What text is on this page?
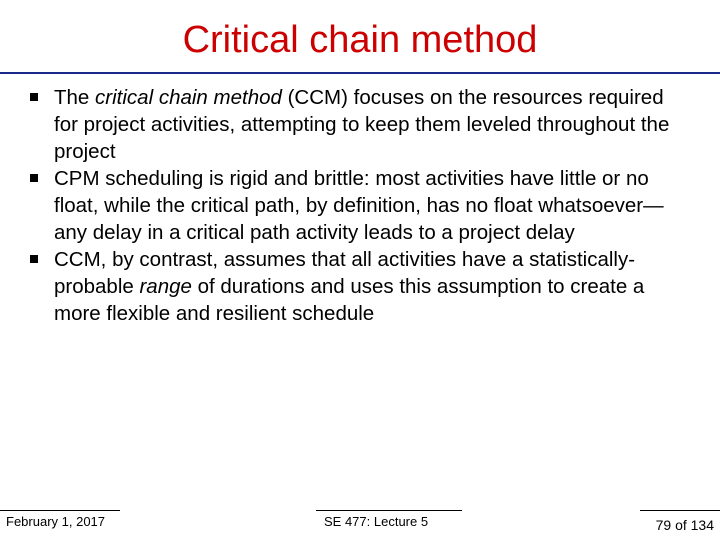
Critical chain method
The critical chain method (CCM) focuses on the resources required for project activities, attempting to keep them leveled throughout the project
CPM scheduling is rigid and brittle: most activities have little or no float, while the critical path, by definition, has no float whatsoever— any delay in a critical path activity leads to a project delay
CCM, by contrast, assumes that all activities have a statistically-probable range of durations and uses this assumption to create a more flexible and resilient schedule
February 1, 2017	SE 477: Lecture 5	79 of 134
